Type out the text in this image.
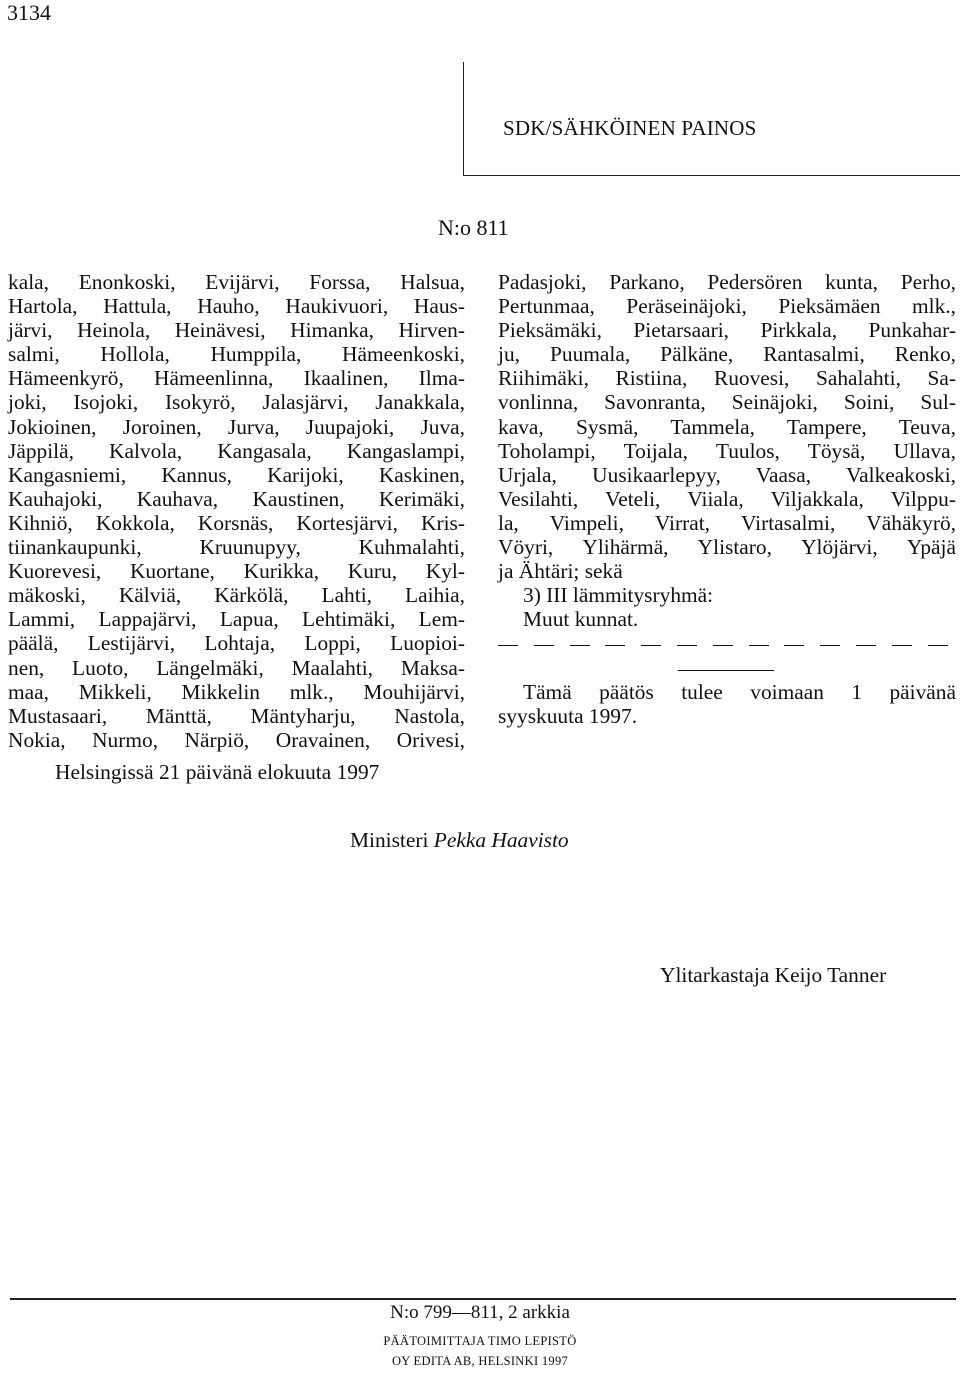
3134
SDK/SÄHKÖINEN PAINOS
N:o 811
kala, Enonkoski, Evijärvi, Forssa, Halsua,
Hartola, Hattula, Hauho, Haukivuori, Haus-
järvi, Heinola, Heinävesi, Himanka, Hirven-
salmi, Hollola, Humppila, Hämeenkoski,
Hämeenkyrö, Hämeenlinna, Ikaalinen, Ilma-
joki, Isojoki, Isokyrö, Jalasjärvi, Janakkala,
Jokioinen, Joroinen, Jurva, Juupajoki, Juva,
Jäppilä, Kalvola, Kangasala, Kangaslampi,
Kangasniemi, Kannus, Karijoki, Kaskinen,
Kauhajoki, Kauhava, Kaustinen, Kerimäki,
Kihniö, Kokkola, Korsnäs, Kortesjärvi, Kris-
tiinankaupunki, Kruunupyy, Kuhmalahti,
Kuorevesi, Kuortane, Kurikka, Kuru, Kyl-
mäkoski, Kälviä, Kärkölä, Lahti, Laihia,
Lammi, Lappajärvi, Lapua, Lehtimäki, Lem-
päälä, Lestijärvi, Lohtaja, Loppi, Luopioi-
nen, Luoto, Längelmäki, Maalahti, Maksa-
maa, Mikkeli, Mikkelin mlk., Mouhijärvi,
Mustasaari, Mänttä, Mäntyharju, Nastola,
Nokia, Nurmo, Närpiö, Oravainen, Orivesi,
Padasjoki, Parkano, Pedersören kunta, Perho,
Pertunmaa, Peräseinäjoki, Pieksämäen mlk.,
Pieksämäki, Pietarsaari, Pirkkala, Punkahar-
ju, Puumala, Pälkäne, Rantasalmi, Renko,
Riihimäki, Ristiina, Ruovesi, Sahalahti, Sa-
vonlinna, Savonranta, Seinäjoki, Soini, Sul-
kava, Sysmä, Tammela, Tampere, Teuva,
Toholampi, Toijala, Tuulos, Töysä, Ullava,
Urjala, Uusikaarlepyy, Vaasa, Valkeakoski,
Vesilahti, Veteli, Viiala, Viljakkala, Vilppu-
la, Vimpeli, Virrat, Virtasalmi, Vähäkyrö,
Vöyri, Ylihärmä, Ylistaro, Ylöjärvi, Ypäjä
ja Ähtäri; sekä
3) III lämmitysryhmä:
Muut kunnat.
Tämä päätös tulee voimaan 1 päivänä
syyskuuta 1997.
Helsingissä 21 päivänä elokuuta 1997
Ministeri Pekka Haavisto
Ylitarkastaja Keijo Tanner
N:o 799—811, 2 arkkia
PÄÄTOIMITTAJA TIMO LEPISTÖ
OY EDITA AB, HELSINKI 1997
